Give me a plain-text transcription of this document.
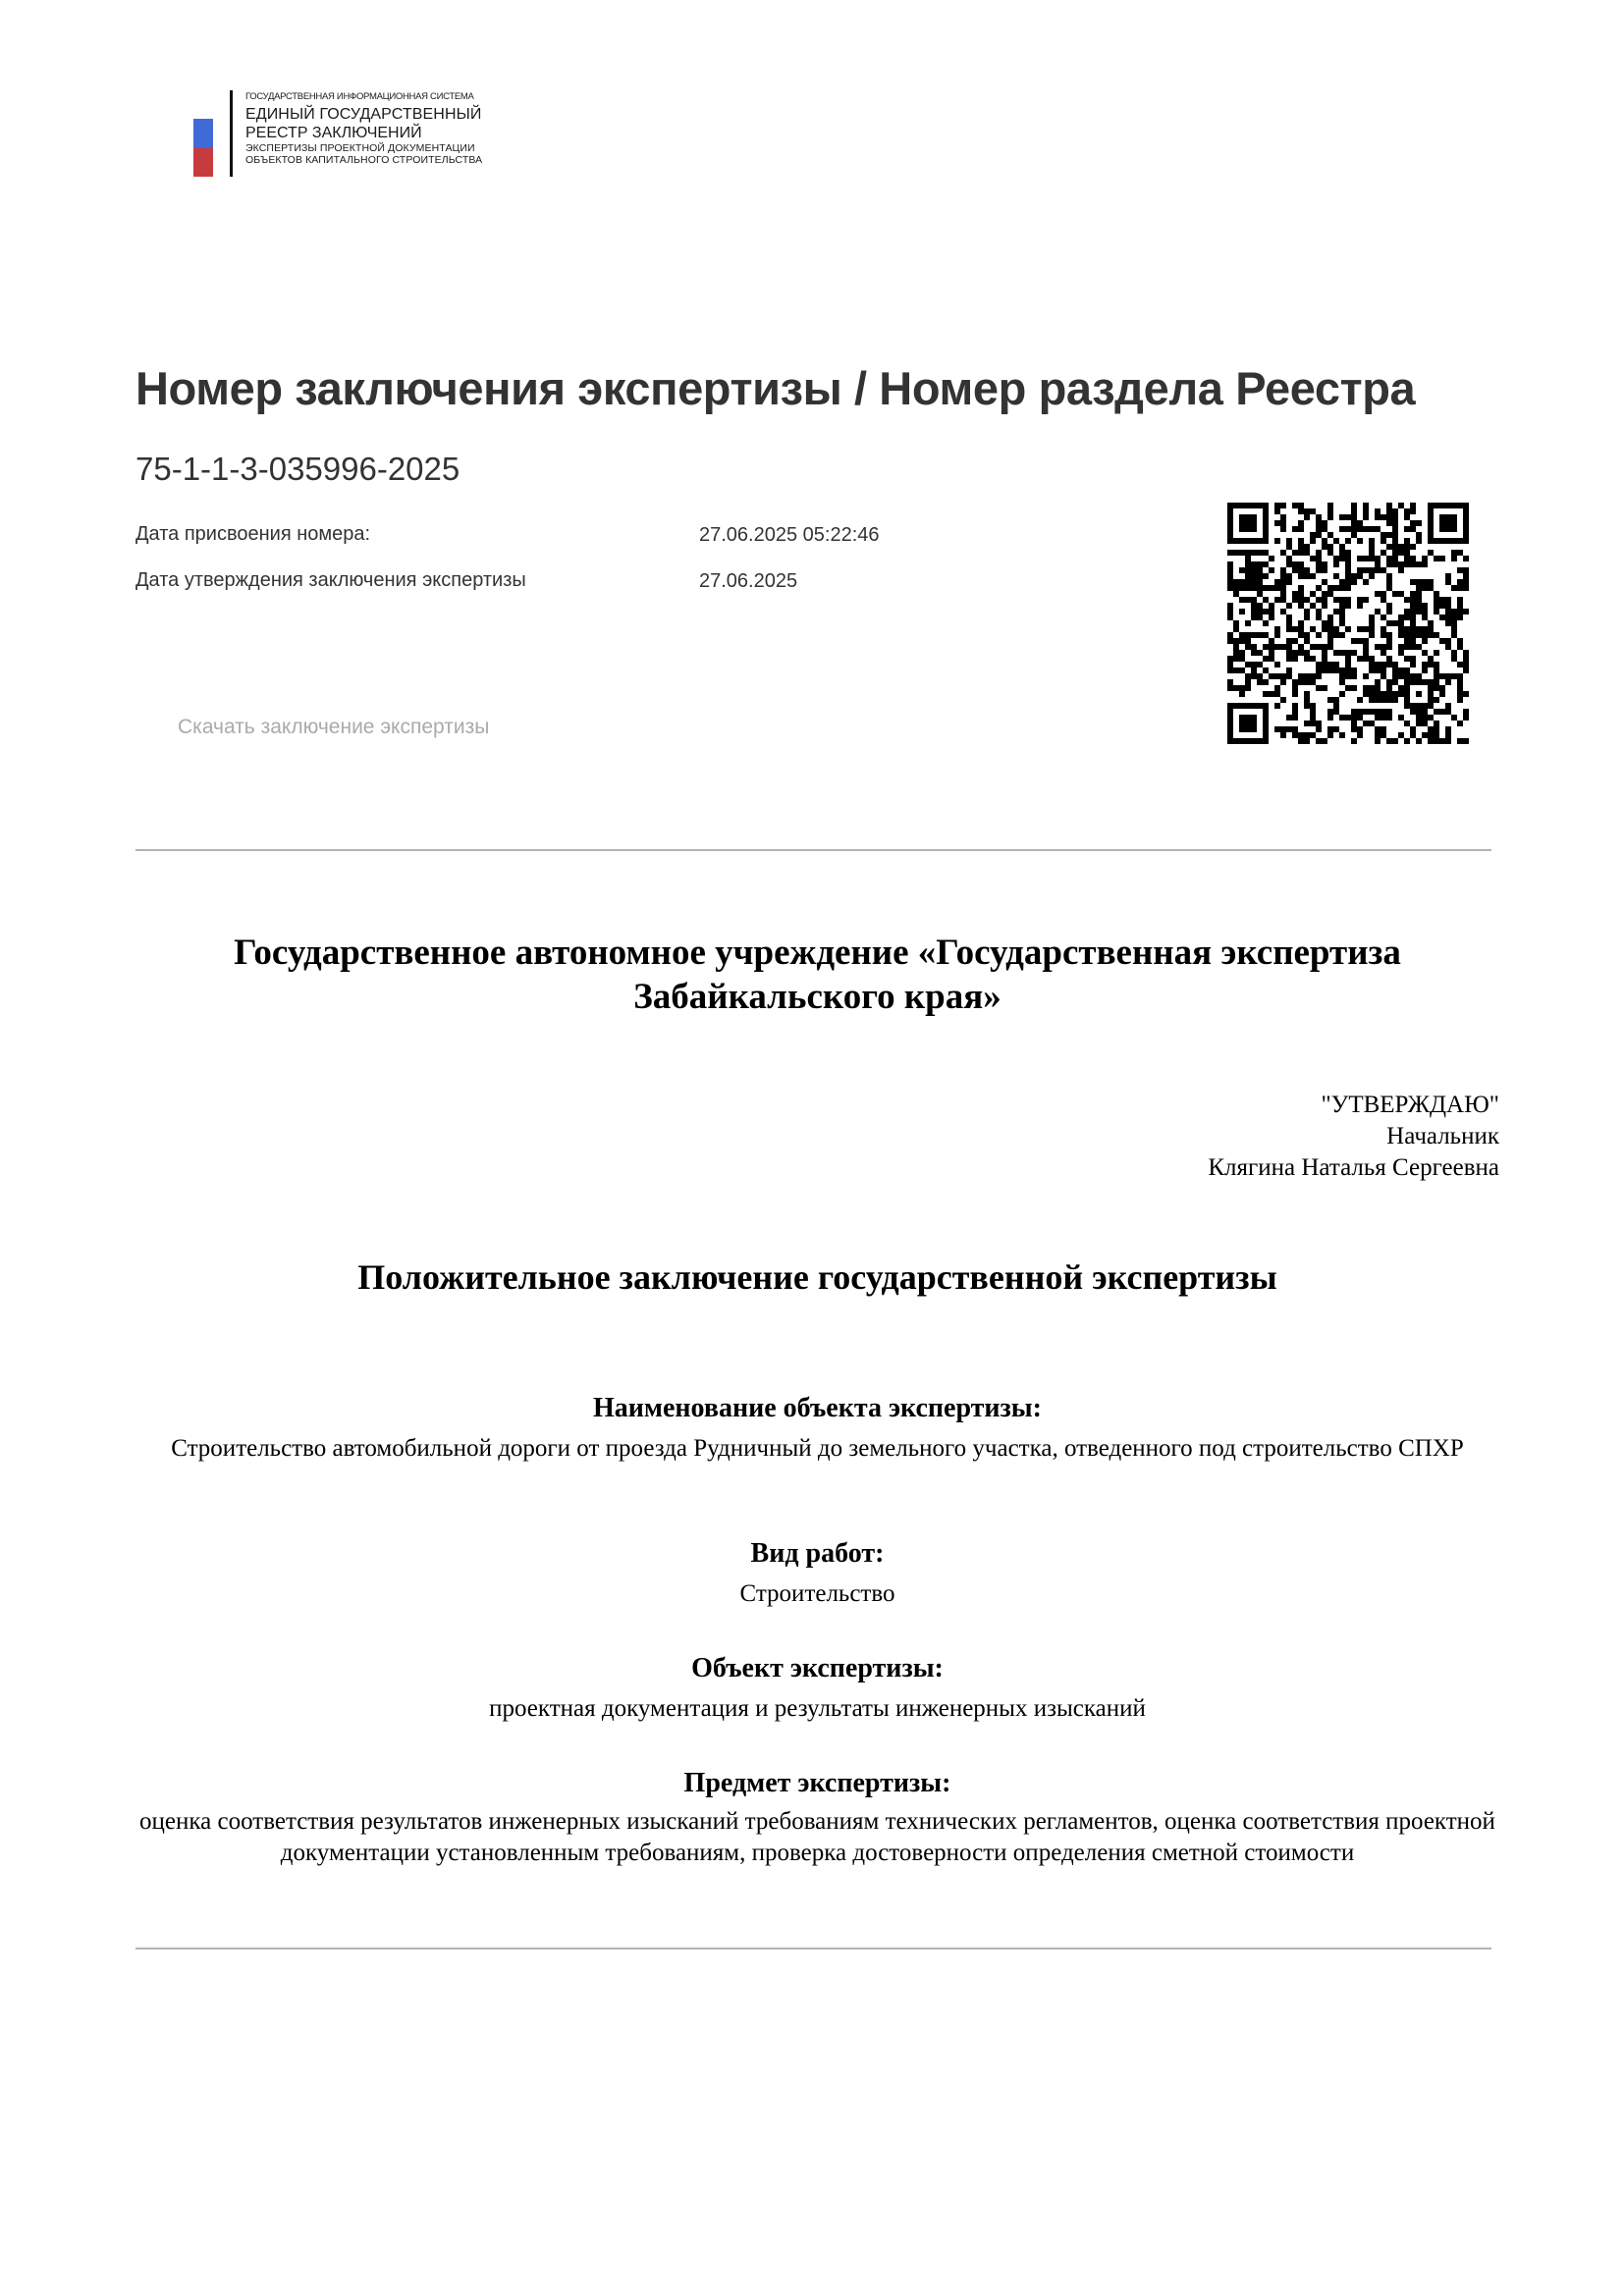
ГОСУДАРСТВЕННАЯ ИНФОРМАЦИОННАЯ СИСТЕМА
ЕДИНЫЙ ГОСУДАРСТВЕННЫЙ
РЕЕСТР ЗАКЛЮЧЕНИЙ
ЭКСПЕРТИЗЫ ПРОЕКТНОЙ ДОКУМЕНТАЦИИ
ОБЪЕКТОВ КАПИТАЛЬНОГО СТРОИТЕЛЬСТВА
Номер заключения экспертизы / Номер раздела Реестра
75-1-1-3-035996-2025
Дата присвоения номера:	27.06.2025 05:22:46
Дата утверждения заключения экспертизы	27.06.2025
Скачать заключение экспертизы
Государственное автономное учреждение «Государственная экспертиза
Забайкальского края»
"УТВЕРЖДАЮ"
Начальник
Клягина Наталья Сергеевна
Положительное заключение государственной экспертизы
Наименование объекта экспертизы:
Строительство автомобильной дороги от проезда Рудничный до земельного участка, отведенного под строительство СПХР
Вид работ:
Строительство
Объект экспертизы:
проектная документация и результаты инженерных изысканий
Предмет экспертизы:
оценка соответствия результатов инженерных изысканий требованиям технических регламентов, оценка соответствия проектной документации установленным требованиям, проверка достоверности определения сметной стоимости
